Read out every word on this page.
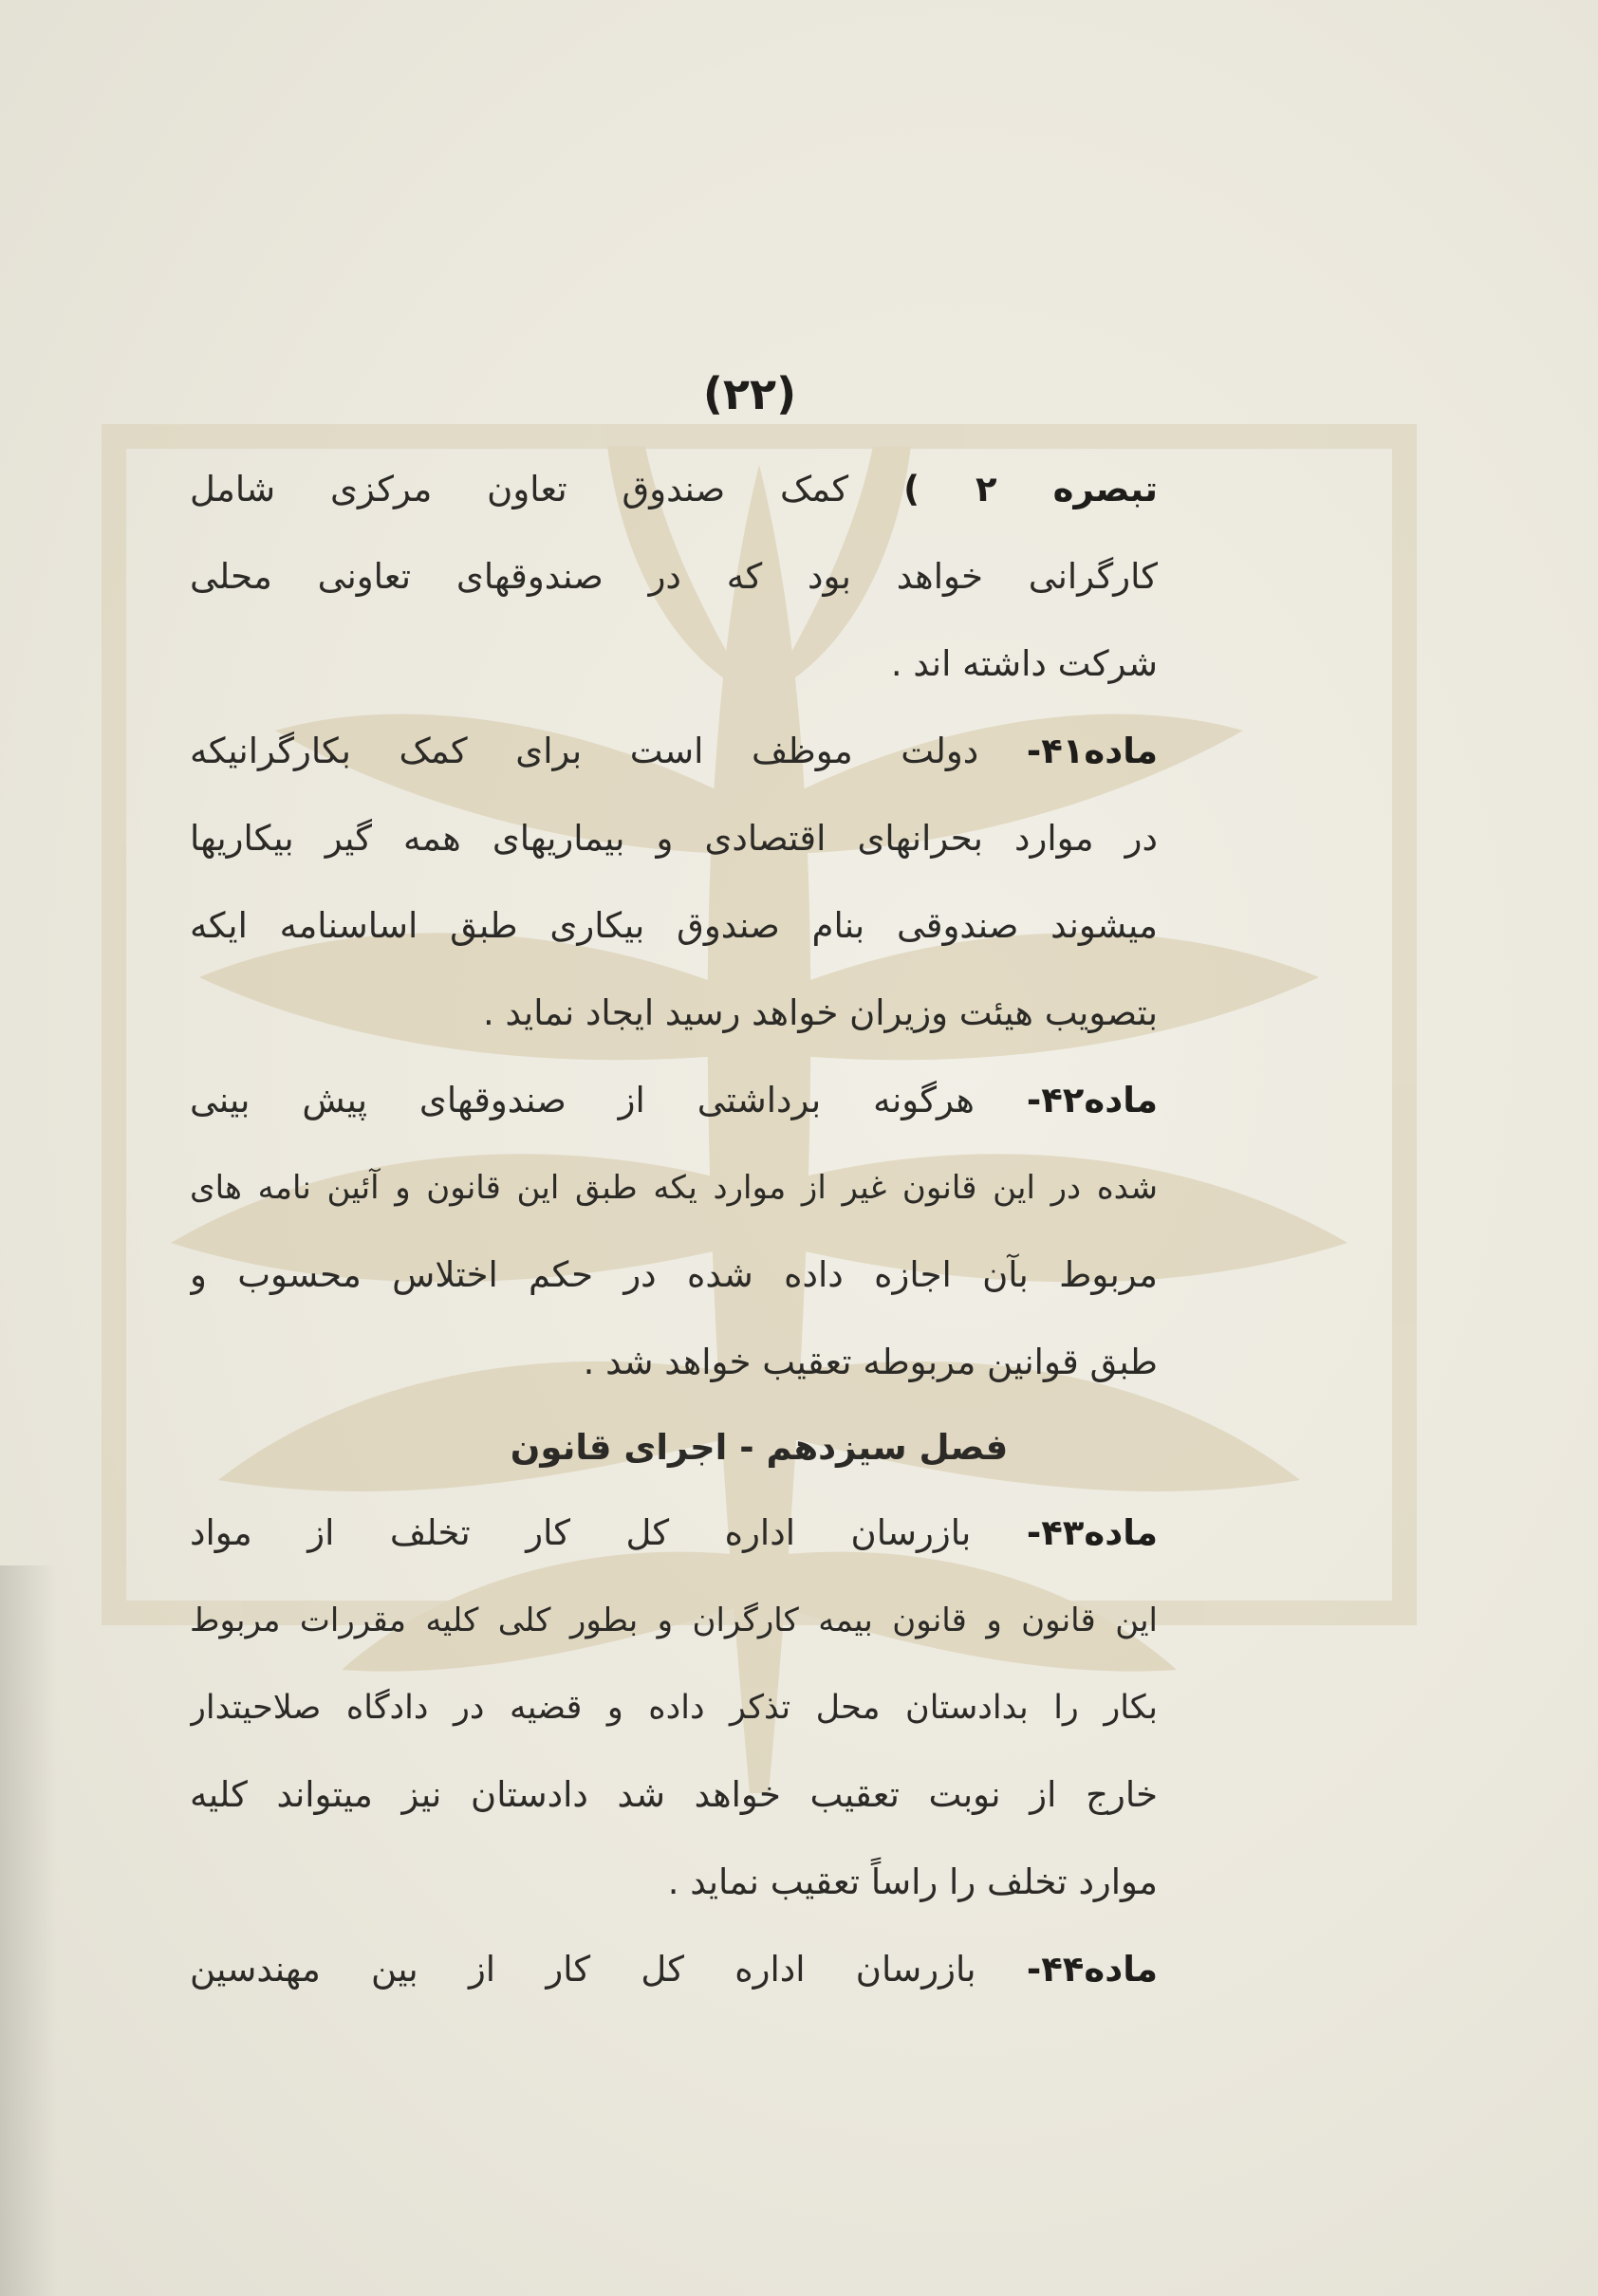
(۲۲)
تبصره ۲ ) کمک صندوق تعاون مرکزی شامل
کارگرانی خواهد بود که در صندوقهای تعاونی محلی
شرکت داشته اند .
ماده۴۱- دولت موظف است برای کمک بکارگرانیکه
در موارد بحرانهای اقتصادی و بیماریهای همه گیر بیکاریها
میشوند صندوقی بنام صندوق بیکاری طبق اساسنامه ایکه
بتصویب هیئت وزیران خواهد رسید ایجاد نماید .
ماده۴۲- هرگونه برداشتی از صندوقهای پیش بینی
شده در این قانون غیر از موارد یکه طبق این قانون و آئین نامه های
مربوط بآن اجازه داده شده در حکم اختلاس محسوب و
طبق قوانین مربوطه تعقیب خواهد شد .
فصل سیزدهم - اجرای قانون
ماده۴۳- بازرسان اداره کل کار تخلف از مواد
این قانون و قانون بیمه کارگران و بطور کلی کلیه مقررات مربوط
بکار را بدادستان محل تذکر داده و قضیه در دادگاه صلاحیتدار
خارج از نوبت تعقیب خواهد شد دادستان نیز میتواند کلیه
موارد تخلف را راساً تعقیب نماید .
ماده۴۴- بازرسان اداره کل کار از بین مهندسین
